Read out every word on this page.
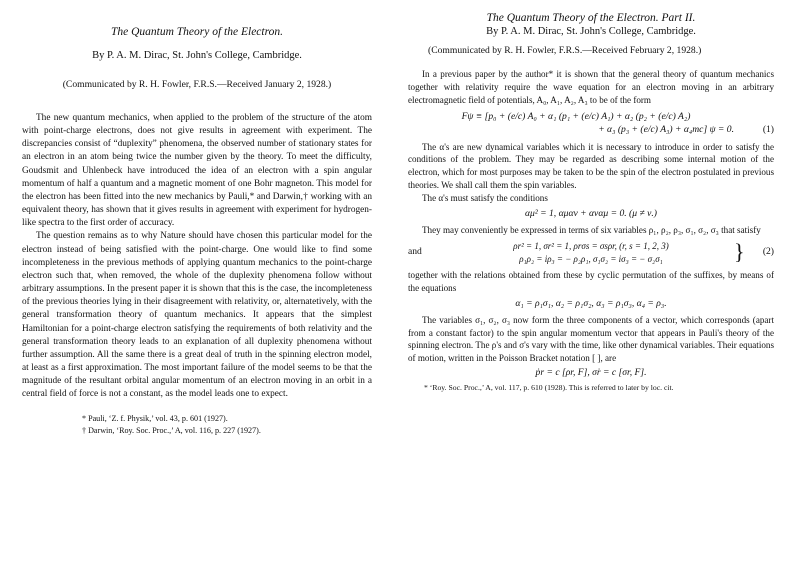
The Quantum Theory of the Electron.
By P. A. M. Dirac, St. John's College, Cambridge.
(Communicated by R. H. Fowler, F.R.S.—Received January 2, 1928.)

The new quantum mechanics, when applied to the problem of the structure of the atom with point-charge electrons, does not give results in agreement with experiment. The discrepancies consist of “duplexity” phenomena, the observed number of stationary states for an electron in an atom being twice the number given by the theory. To meet the difficulty, Goudsmit and Uhlenbeck have introduced the idea of an electron with a spin angular momentum of half a quantum and a magnetic moment of one Bohr magneton. This model for the electron has been fitted into the new mechanics by Pauli,* and Darwin,† working with an equivalent theory, has shown that it gives results in agreement with experiment for hydrogen-like spectra to the first order of accuracy.

The question remains as to why Nature should have chosen this particular model for the electron instead of being satisfied with the point-charge. One would like to find some incompleteness in the previous methods of applying quantum mechanics to the point-charge electron such that, when removed, the whole of the duplexity phenomena follow without arbitrary assumptions. In the present paper it is shown that this is the case, the incompleteness of the previous theories lying in their disagreement with relativity, or, alternatetively, with the general transformation theory of quantum mechanics. It appears that the simplest Hamiltonian for a point-charge electron satisfying the requirements of both relativity and the general transformation theory leads to an explanation of all duplexity phenomena without further assumption. All the same there is a great deal of truth in the spinning electron model, at least as a first approximation. The most important failure of the model seems to be that the magnitude of the resultant orbital angular momentum of an electron moving in an orbit in a central field of force is not a constant, as the model leads one to expect.

* Pauli, ‘Z. f. Physik,’ vol. 43, p. 601 (1927).
† Darwin, ‘Roy. Soc. Proc.,’ A, vol. 116, p. 227 (1927).
The Quantum Theory of the Electron. Part II.
By P. A. M. Dirac, St. John's College, Cambridge.
(Communicated by R. H. Fowler, F.R.S.—Received February 2, 1928.)

In a previous paper by the author* it is shown that the general theory of quantum mechanics together with relativity require the wave equation for an electron moving in an arbitrary electromagnetic field of potentials, A₀, A₁, A₂, A₃ to be of the form

Fψ ≡ [p₀ + (e/c) A₀ + α₁ (p₁ + (e/c) A₁) + α₂ (p₂ + (e/c) A₂)
+ α₃ (p₃ + (e/c) A₃) + α₄mc] ψ = 0.	(1)

The α's are new dynamical variables which it is necessary to introduce in order to satisfy the conditions of the problem. They may be regarded as describing some internal motion of the electron, which for most purposes may be taken to be the spin of the electron postulated in previous theories. We shall call them the spin variables.

The α's must satisfy the conditions

αμ² = 1, αμαν + αναμ = 0. (μ ≠ ν.)

They may conveniently be expressed in terms of six variables ρ₁, ρ₂, ρ₃, σ₁, σ₂, σ₃ that satisfy

and
ρr² = 1, σr² = 1, ρrσs = σsρr, (r, s = 1, 2, 3)
ρ₁ρ₂ = iρ₃ = − ρ₂ρ₁, σ₁σ₂ = iσ₃ = − σ₂σ₁	}	(2)

together with the relations obtained from these by cyclic permutation of the suffixes, by means of the equations

α₁ = ρ₁σ₁, α₂ = ρ₁σ₂, α₃ = ρ₁σ₃, α₄ = ρ₃.

The variables σ₁, σ₂, σ₃ now form the three components of a vector, which corresponds (apart from a constant factor) to the spin angular momentum vector that appears in Pauli's theory of the spinning electron. The ρ's and σ's vary with the time, like other dynamical variables. Their equations of motion, written in the Poisson Bracket notation [ ], are

ṗr = c [ρr, F], σ̇r = c [σr, F].
* ‘Roy. Soc. Proc.,’ A, vol. 117, p. 610 (1928). This is referred to later by loc. cit.
